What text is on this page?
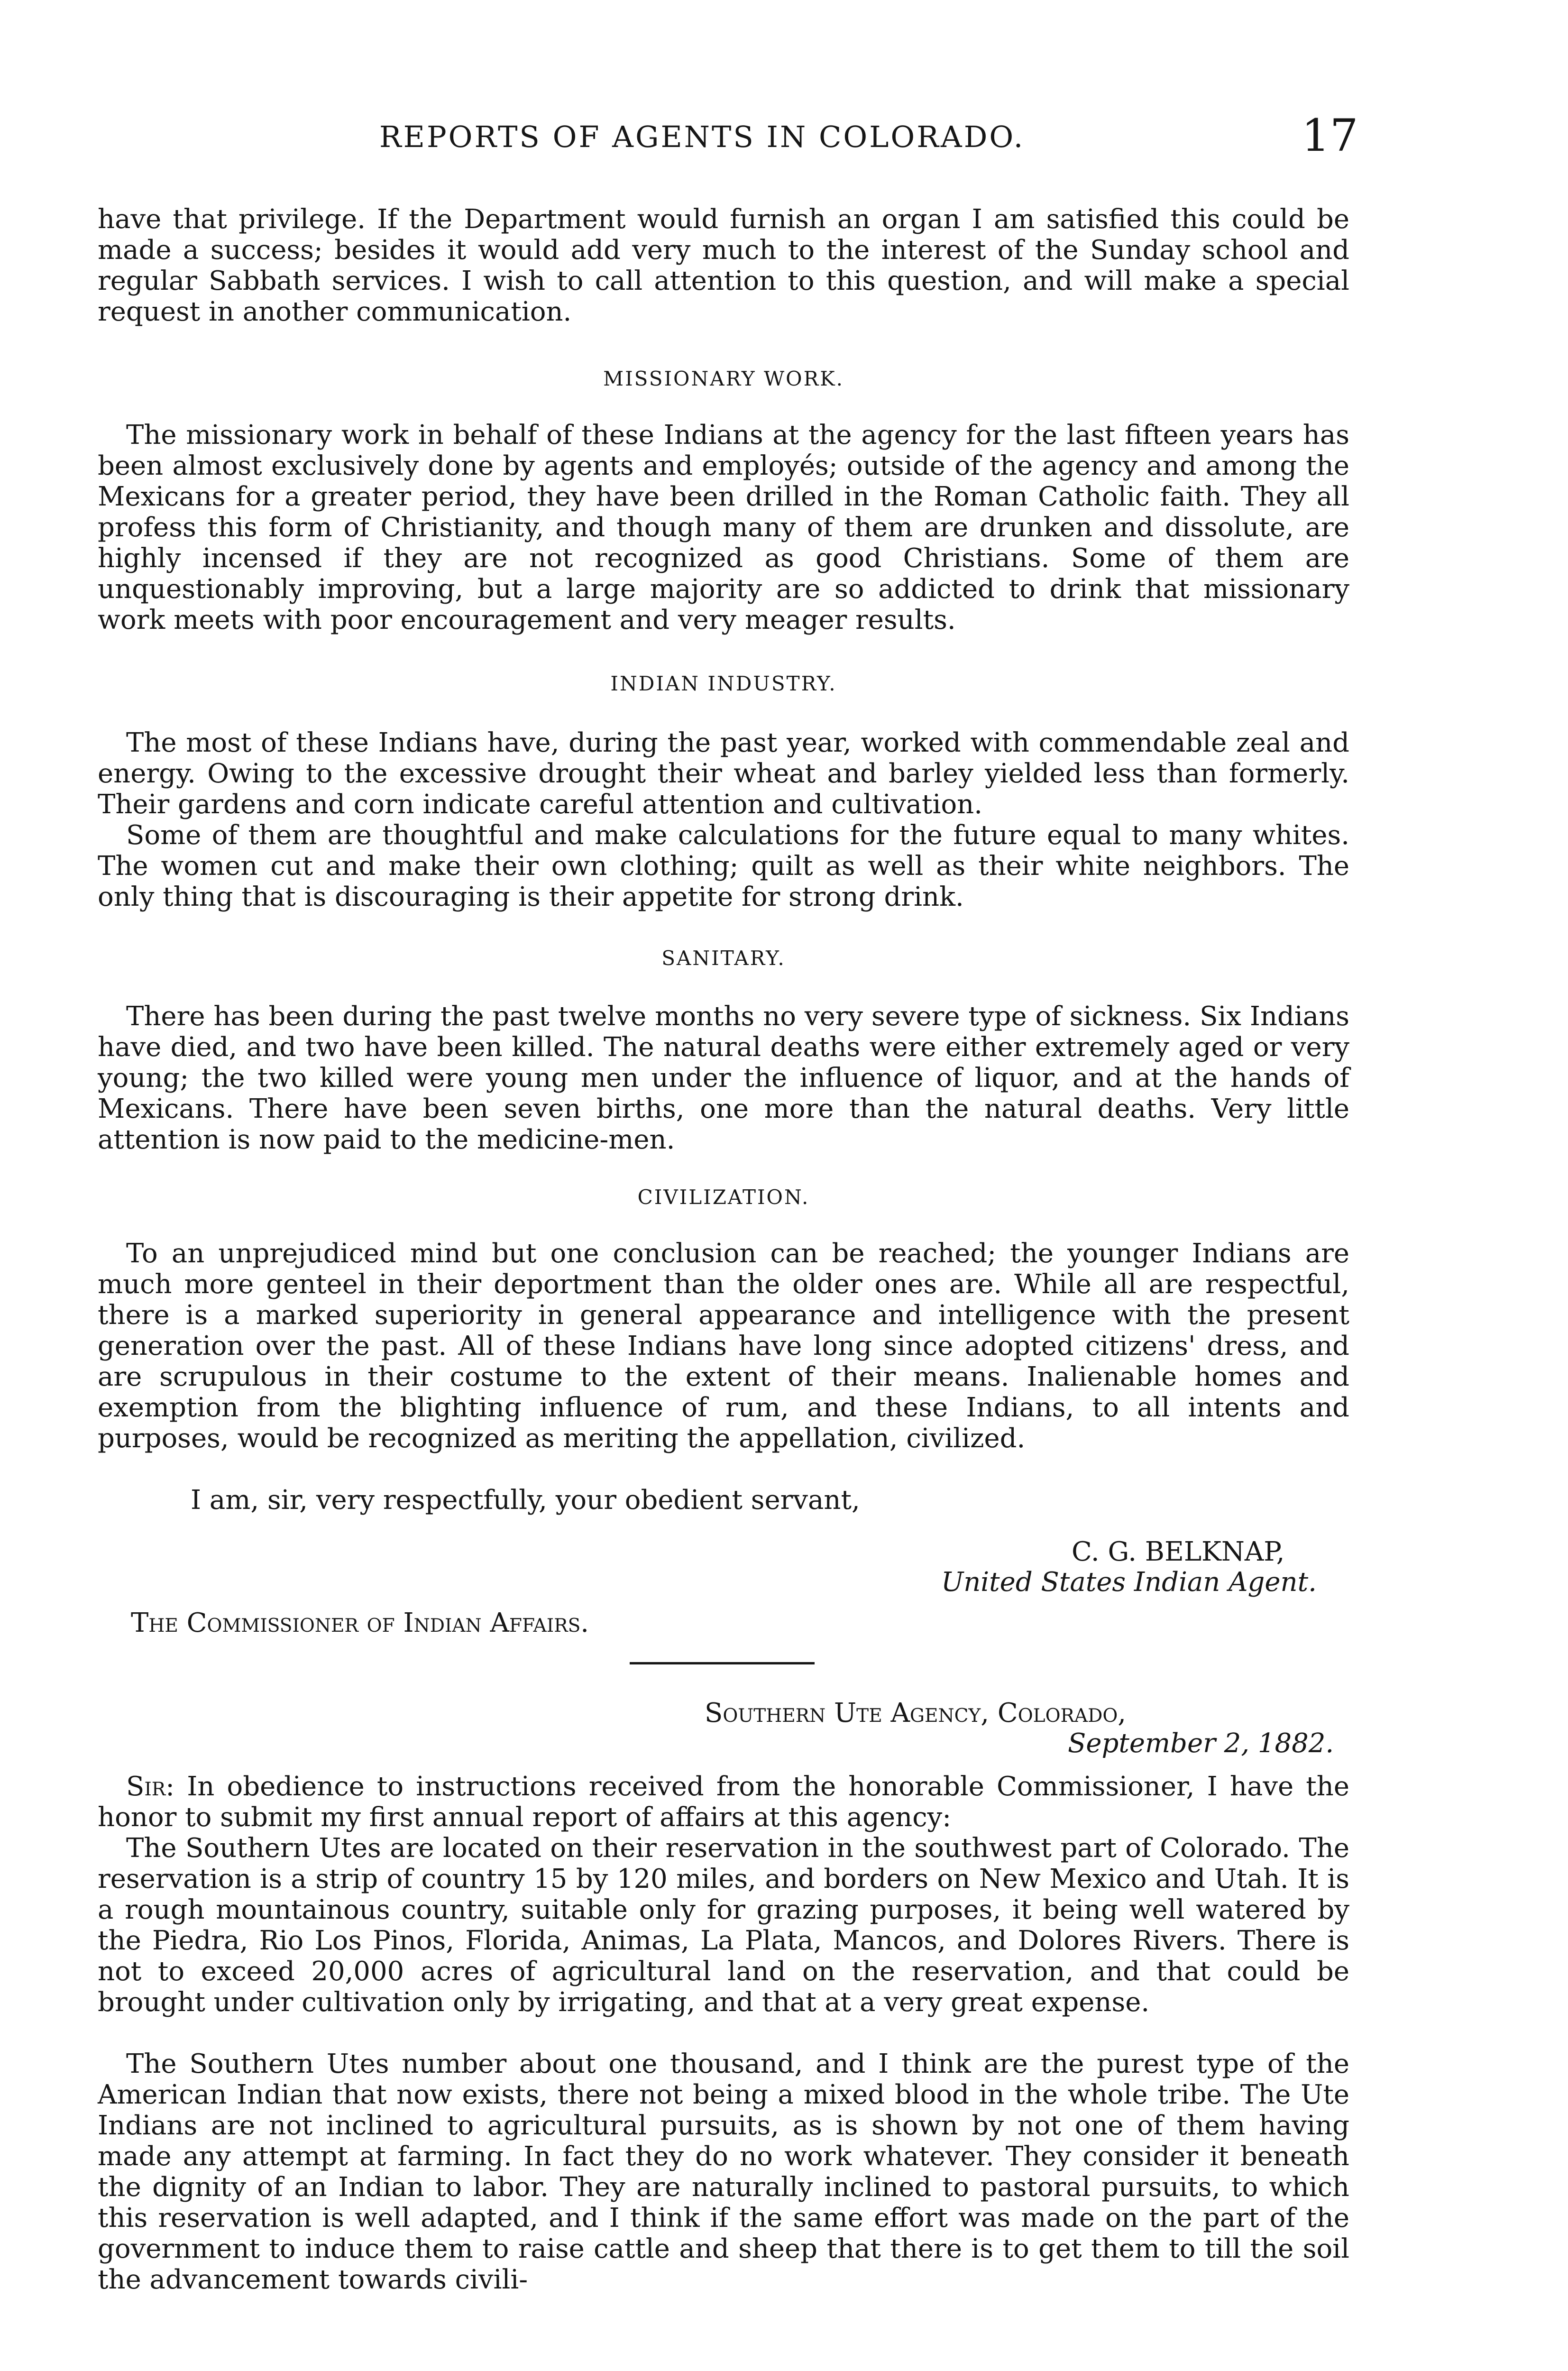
REPORTS OF AGENTS IN COLORADO.	17

have that privilege. If the Department would furnish an organ I am satisfied this could be made a success; besides it would add very much to the interest of the Sunday school and regular Sabbath services. I wish to call attention to this question, and will make a special request in another communication.

MISSIONARY WORK.

The missionary work in behalf of these Indians at the agency for the last fifteen years has been almost exclusively done by agents and employés; outside of the agency and among the Mexicans for a greater period, they have been drilled in the Roman Catholic faith. They all profess this form of Christianity, and though many of them are drunken and dissolute, are highly incensed if they are not recognized as good Christians. Some of them are unquestionably improving, but a large majority are so addicted to drink that missionary work meets with poor encouragement and very meager results.

INDIAN INDUSTRY.

The most of these Indians have, during the past year, worked with commendable zeal and energy. Owing to the excessive drought their wheat and barley yielded less than formerly. Their gardens and corn indicate careful attention and cultivation.

Some of them are thoughtful and make calculations for the future equal to many whites. The women cut and make their own clothing; quilt as well as their white neighbors. The only thing that is discouraging is their appetite for strong drink.

SANITARY.

There has been during the past twelve months no very severe type of sickness. Six Indians have died, and two have been killed. The natural deaths were either extremely aged or very young; the two killed were young men under the influence of liquor, and at the hands of Mexicans. There have been seven births, one more than the natural deaths. Very little attention is now paid to the medicine-men.

CIVILIZATION.

To an unprejudiced mind but one conclusion can be reached; the younger Indians are much more genteel in their deportment than the older ones are. While all are respectful, there is a marked superiority in general appearance and intelligence with the present generation over the past. All of these Indians have long since adopted citizens' dress, and are scrupulous in their costume to the extent of their means. Inalienable homes and exemption from the blighting influence of rum, and these Indians, to all intents and purposes, would be recognized as meriting the appellation, civilized.

I am, sir, very respectfully, your obedient servant,

C. G. BELKNAP,
United States Indian Agent.
The Commissioner of Indian Affairs.
Southern Ute Agency, Colorado,
September 2, 1882.

Sir: In obedience to instructions received from the honorable Commissioner, I have the honor to submit my first annual report of affairs at this agency:

The Southern Utes are located on their reservation in the southwest part of Colorado. The reservation is a strip of country 15 by 120 miles, and borders on New Mexico and Utah. It is a rough mountainous country, suitable only for grazing purposes, it being well watered by the Piedra, Rio Los Pinos, Florida, Animas, La Plata, Mancos, and Dolores Rivers. There is not to exceed 20,000 acres of agricultural land on the reservation, and that could be brought under cultivation only by irrigating, and that at a very great expense.

The Southern Utes number about one thousand, and I think are the purest type of the American Indian that now exists, there not being a mixed blood in the whole tribe. The Ute Indians are not inclined to agricultural pursuits, as is shown by not one of them having made any attempt at farming. In fact they do no work whatever. They consider it beneath the dignity of an Indian to labor. They are naturally inclined to pastoral pursuits, to which this reservation is well adapted, and I think if the same effort was made on the part of the government to induce them to raise cattle and sheep that there is to get them to till the soil the advancement towards civili-
